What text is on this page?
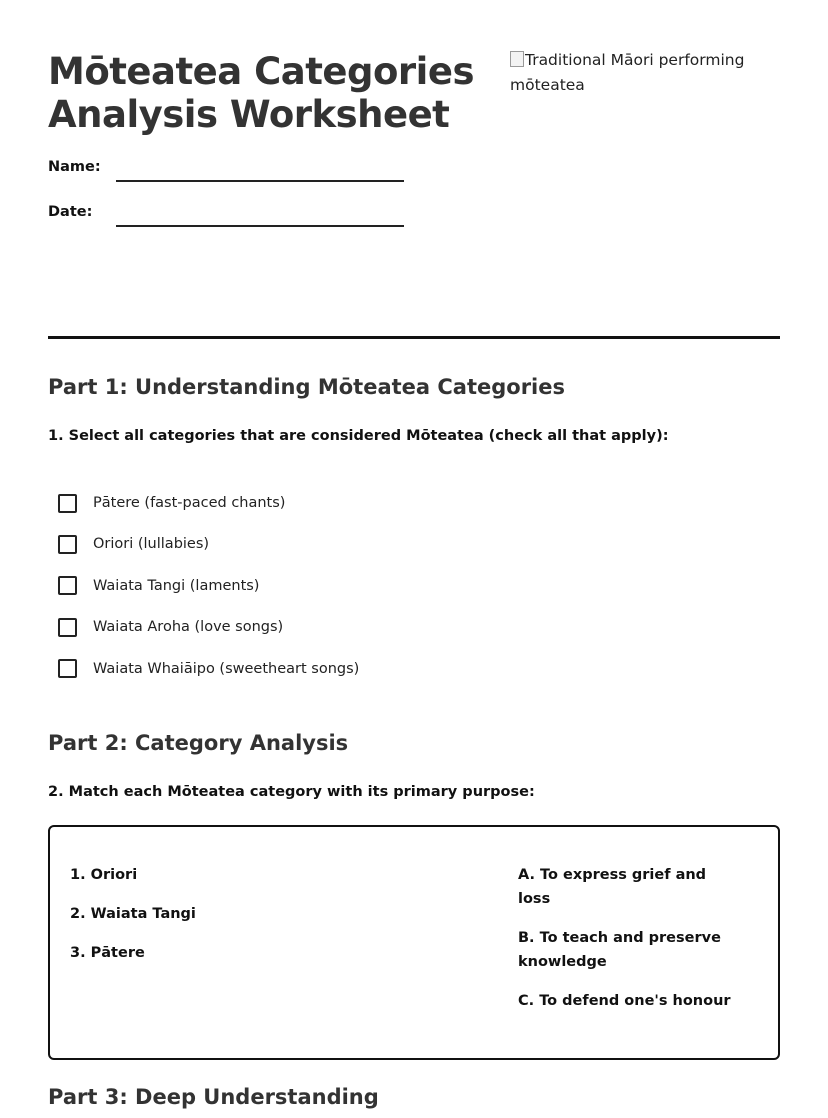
Mōteatea Categories Analysis Worksheet
Traditional Māori performing mōteatea
Name:
Date:
Part 1: Understanding Mōteatea Categories
1. Select all categories that are considered Mōteatea (check all that apply):
Pātere (fast-paced chants)
Oriori (lullabies)
Waiata Tangi (laments)
Waiata Aroha (love songs)
Waiata Whaiāipo (sweetheart songs)
Part 2: Category Analysis
2. Match each Mōteatea category with its primary purpose:
1. Oriori
2. Waiata Tangi
3. Pātere
A. To express grief and loss
B. To teach and preserve knowledge
C. To defend one's honour
Part 3: Deep Understanding
